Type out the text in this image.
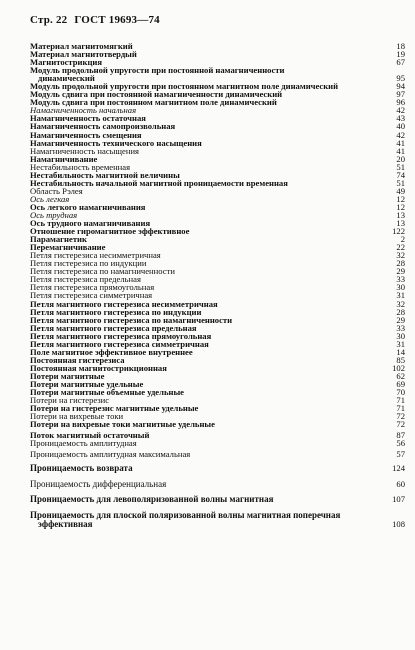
Стр. 22 ГОСТ 19693—74
Материал магнитомягкий	18
Материал магнитотвердый	19
Магнитострикция	67
Модуль продольной упругости при постоянной намагниченности
динамический	95
Модуль продольной упругости при постоянном магнитном поле динамический	94
Модуль сдвига при постоянной намагниченности динамический	97
Модуль сдвига при постоянном магнитном поле динамический	96
Намагниченность начальная	42
Намагниченность остаточная	43
Намагниченность самопроизвольная	40
Намагниченность смещения	42
Намагниченность технического насыщения	41
Намагниченность насыщения	41
Намагничивание	20
Нестабильность временная	51
Нестабильность магнитной величины	74
Нестабильность начальной магнитной проницаемости временная	51
Область Рэлея	49
Ось легкая	12
Ось легкого намагничивания	12
Ось трудная	13
Ось трудного намагничивания	13
Отношение гиромагнитное эффективное	122
Парамагнетик	2
Перемагничивание	22
Петля гистерезиса несимметричная	32
Петля гистерезиса по индукции	28
Петля гистерезиса по намагниченности	29
Петля гистерезиса предельная	33
Петля гистерезиса прямоугольная	30
Петля гистерезиса симметричная	31
Петля магнитного гистерезиса несимметричная	32
Петля магнитного гистерезиса по индукции	28
Петля магнитного гистерезиса по намагниченности	29
Петля магнитного гистерезиса предельная	33
Петля магнитного гистерезиса прямоугольная	30
Петля магнитного гистерезиса симметричная	31
Поле магнитное эффективное внутреннее	14
Постоянная гистерезиса	85
Постоянная магнитострикционная	102
Потери магнитные	62
Потери магнитные удельные	69
Потери магнитные объемные удельные	70
Потери на гистерезис	71
Потери на гистерезис магнитные удельные	71
Потери на вихревые токи	72
Потери на вихревые токи магнитные удельные	72
Поток магнитный остаточный	87
Проницаемость амплитудная	56
Проницаемость амплитудная максимальная	57
Проницаемость возврата	124
Проницаемость дифференциальная	60
Проницаемость для левополяризованной волны магнитная	107
Проницаемость для плоской поляризованной волны магнитная поперечная
эффективная	108
